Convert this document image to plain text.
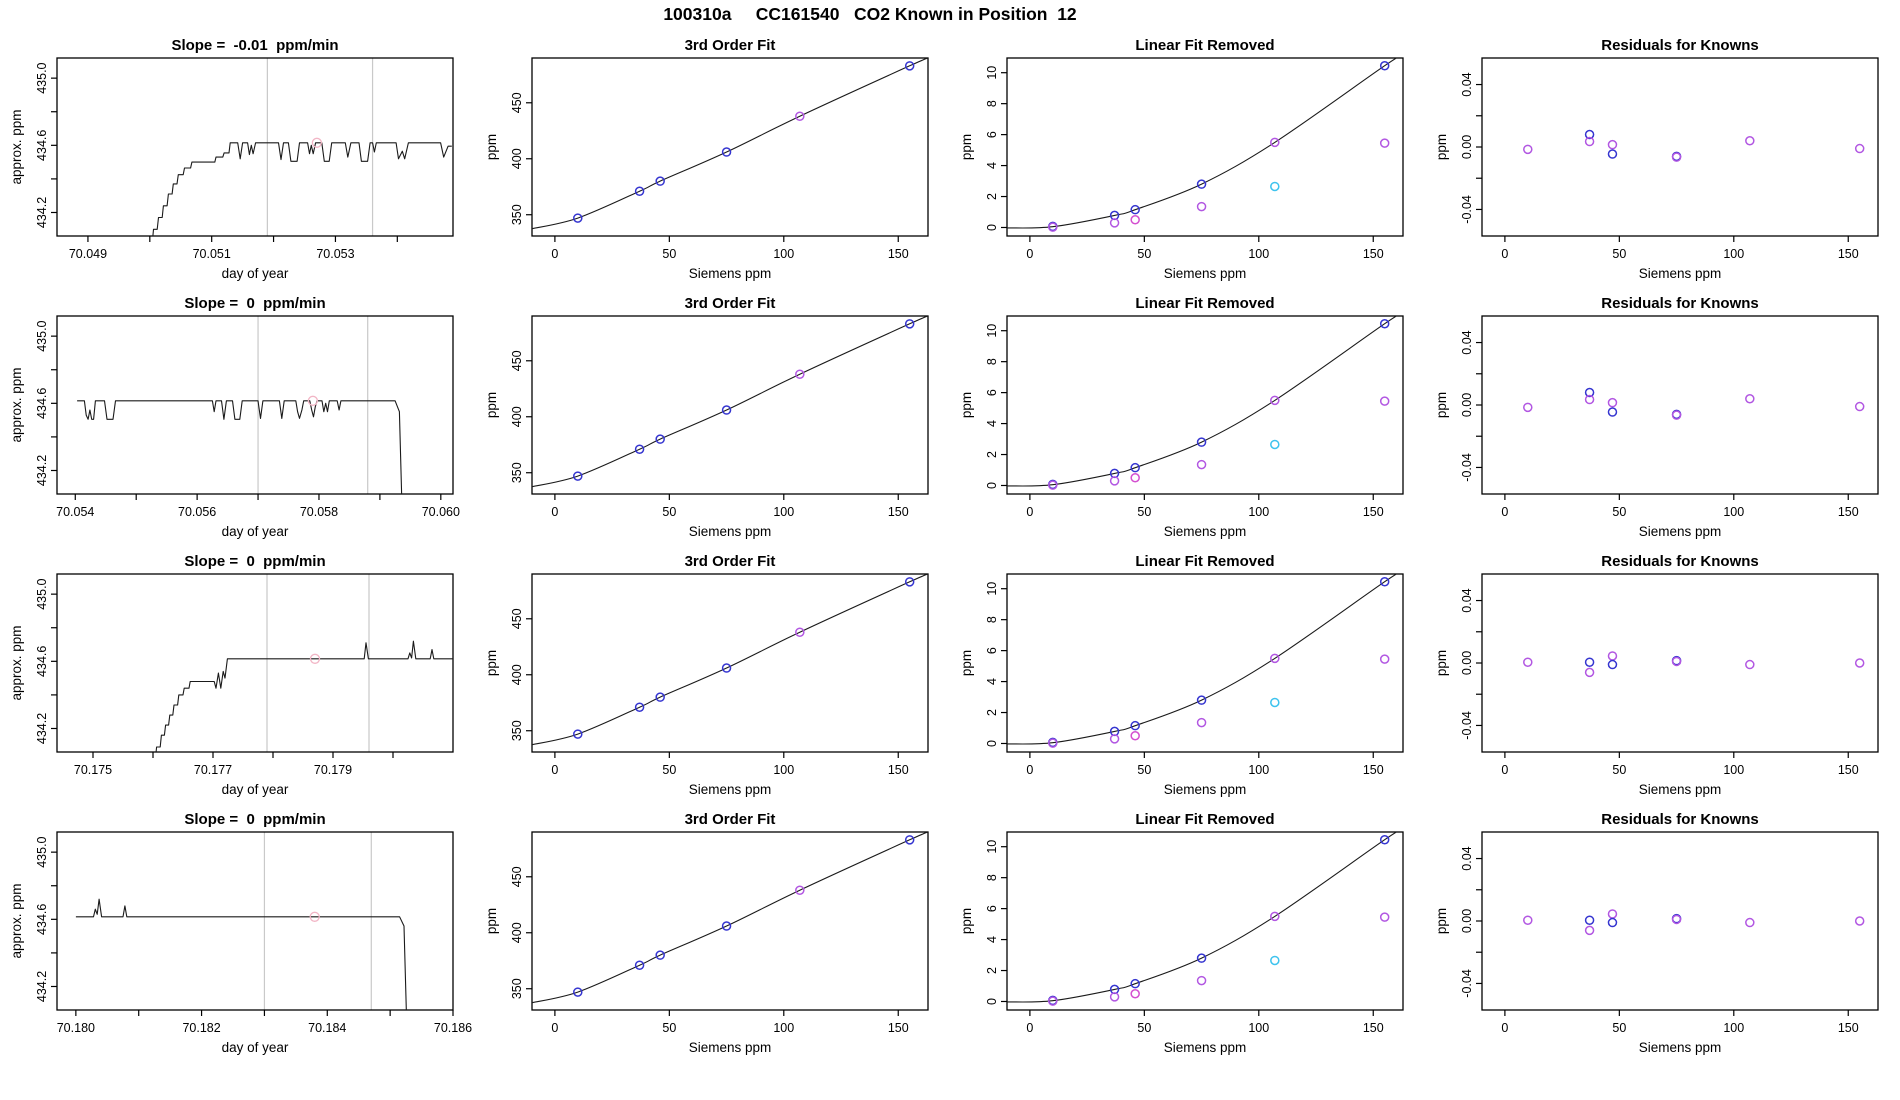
100310a     CC161540   CO2 Known in Position  12
70.049	70.051	70.053
434.2
434.6
435.0
Slope =  -0.01  ppm/min
day of year
approx. ppm
0	50	100	150
350
400
450
3rd Order Fit
Siemens ppm
ppm
0	50	100	150
0
2
4
6
8
10
Linear Fit Removed
Siemens ppm
ppm
0	50	100	150
-0.04
0.00
0.04
Residuals for Knowns
Siemens ppm
ppm
70.054	70.056	70.058	70.060
434.2
434.6
435.0
Slope =  0  ppm/min
day of year
approx. ppm
0	50	100	150
350
400
450
3rd Order Fit
Siemens ppm
ppm
0	50	100	150
0
2
4
6
8
10
Linear Fit Removed
Siemens ppm
ppm
0	50	100	150
-0.04
0.00
0.04
Residuals for Knowns
Siemens ppm
ppm
70.175	70.177	70.179
434.2
434.6
435.0
Slope =  0  ppm/min
day of year
approx. ppm
0	50	100	150
350
400
450
3rd Order Fit
Siemens ppm
ppm
0	50	100	150
0
2
4
6
8
10
Linear Fit Removed
Siemens ppm
ppm
0	50	100	150
-0.04
0.00
0.04
Residuals for Knowns
Siemens ppm
ppm
70.180	70.182	70.184	70.186
434.2
434.6
435.0
Slope =  0  ppm/min
day of year
approx. ppm
0	50	100	150
350
400
450
3rd Order Fit
Siemens ppm
ppm
0	50	100	150
0
2
4
6
8
10
Linear Fit Removed
Siemens ppm
ppm
0	50	100	150
-0.04
0.00
0.04
Residuals for Knowns
Siemens ppm
ppm
